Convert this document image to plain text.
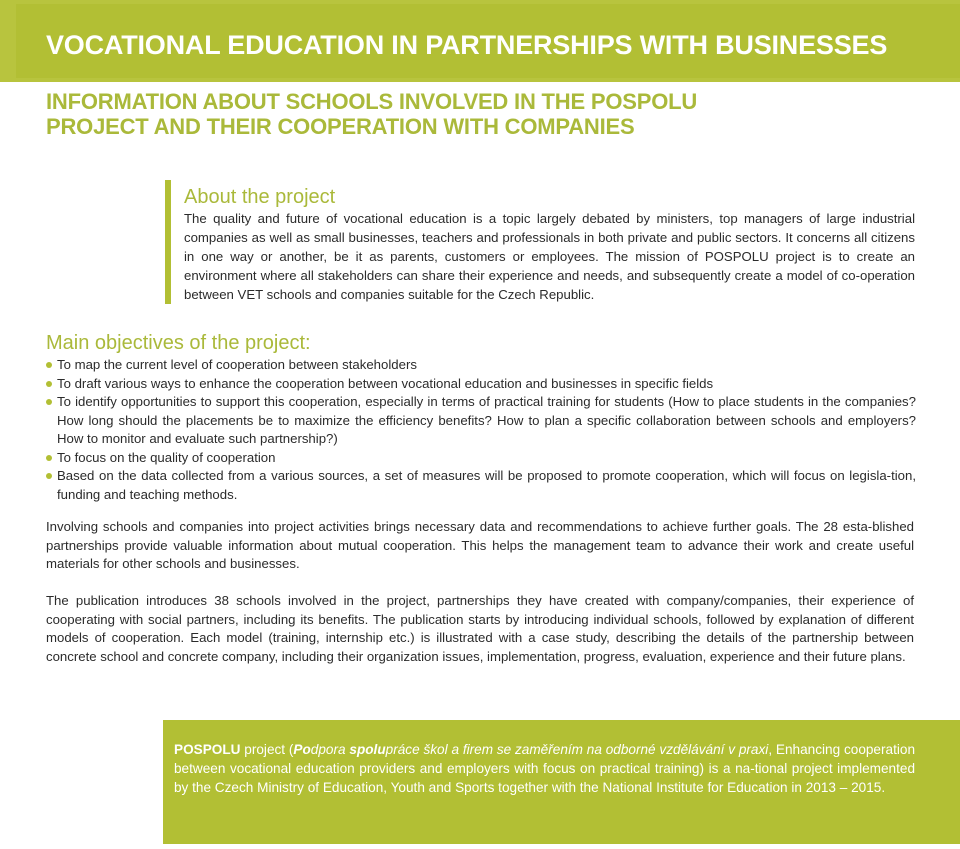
VOCATIONAL EDUCATION IN PARTNERSHIPS WITH BUSINESSES
INFORMATION ABOUT SCHOOLS INVOLVED IN THE POSPOLU
PROJECT AND THEIR COOPERATION WITH COMPANIES
About the project

The quality and future of vocational education is a topic largely debated by ministers, top managers of large industrial companies as well as small businesses, teachers and professionals in both private and public sectors. It concerns all citizens in one way or another, be it as parents, customers or employees. The mission of POSPOLU project is to create an environment where all stakeholders can share their experience and needs, and subsequently create a model of co-operation between VET schools and companies suitable for the Czech Republic.

Main objectives of the project:
To map the current level of cooperation between stakeholders
To draft various ways to enhance the cooperation between vocational education and businesses in specific fields
To identify opportunities to support this cooperation, especially in terms of practical training for students (How to place students in the companies? How long should the placements be to maximize the efficiency benefits? How to plan a specific collaboration between schools and employers? How to monitor and evaluate such partnership?)
To focus on the quality of cooperation
Based on the data collected from a various sources, a set of measures will be proposed to promote cooperation, which will focus on legisla-tion, funding and teaching methods.

Involving schools and companies into project activities brings necessary data and recommendations to achieve further goals. The 28 esta-blished partnerships provide valuable information about mutual cooperation. This helps the management team to advance their work and create useful materials for other schools and businesses.

The publication introduces 38 schools involved in the project, partnerships they have created with company/companies, their experience of cooperating with social partners, including its benefits. The publication starts by introducing individual schools, followed by explanation of different models of cooperation. Each model (training, internship etc.) is illustrated with a case study, describing the details of the partnership between concrete school and concrete company, including their organization issues, implementation, progress, evaluation, experience and their future plans.

POSPOLU project (Podpora spolupráce škol a firem se zaměřením na odborné vzdělávání v praxi, Enhancing cooperation between vocational education providers and employers with focus on practical training) is a na-tional project implemented by the Czech Ministry of Education, Youth and Sports together with the National Institute for Education in 2013 – 2015.
